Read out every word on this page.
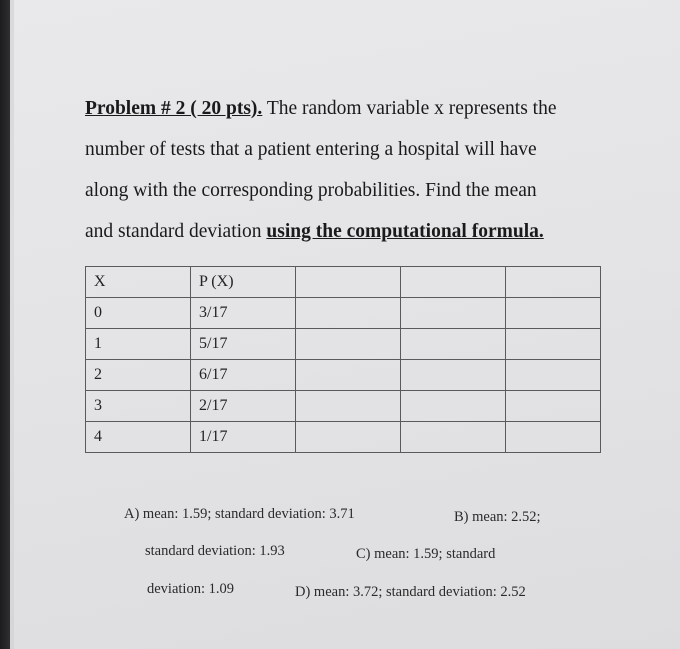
Problem # 2 ( 20 pts). The random variable x represents the
number of tests that a patient entering a hospital will have
along with the corresponding probabilities. Find the mean
and standard deviation using the computational formula.
X	P (X)			
0	3/17			
1	5/17			
2	6/17			
3	2/17			
4	1/17			
A) mean: 1.59; standard deviation: 3.71	B) mean: 2.52;
standard deviation: 1.93	C) mean: 1.59; standard
deviation: 1.09	D) mean: 3.72; standard deviation: 2.52
